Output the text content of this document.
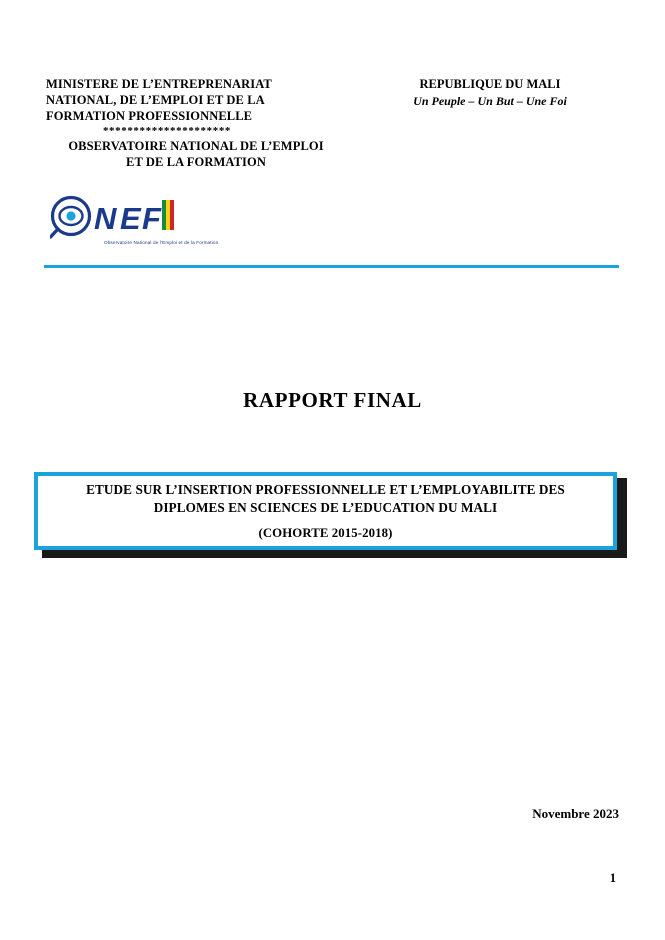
MINISTERE DE L’ENTREPRENARIAT
NATIONAL, DE L’EMPLOI ET DE LA
FORMATION PROFESSIONNELLE
*********************
OBSERVATOIRE NATIONAL DE L’EMPLOI
ET DE LA FORMATION
REPUBLIQUE DU MALI
Un Peuple – Un But – Une Foi
N E F
Observatoire National de l’Emploi et de la Formation
RAPPORT FINAL
ETUDE SUR L’INSERTION PROFESSIONNELLE ET L’EMPLOYABILITE DES
DIPLOMES EN SCIENCES DE L’EDUCATION DU MALI
(COHORTE 2015-2018)
Novembre 2023
1
